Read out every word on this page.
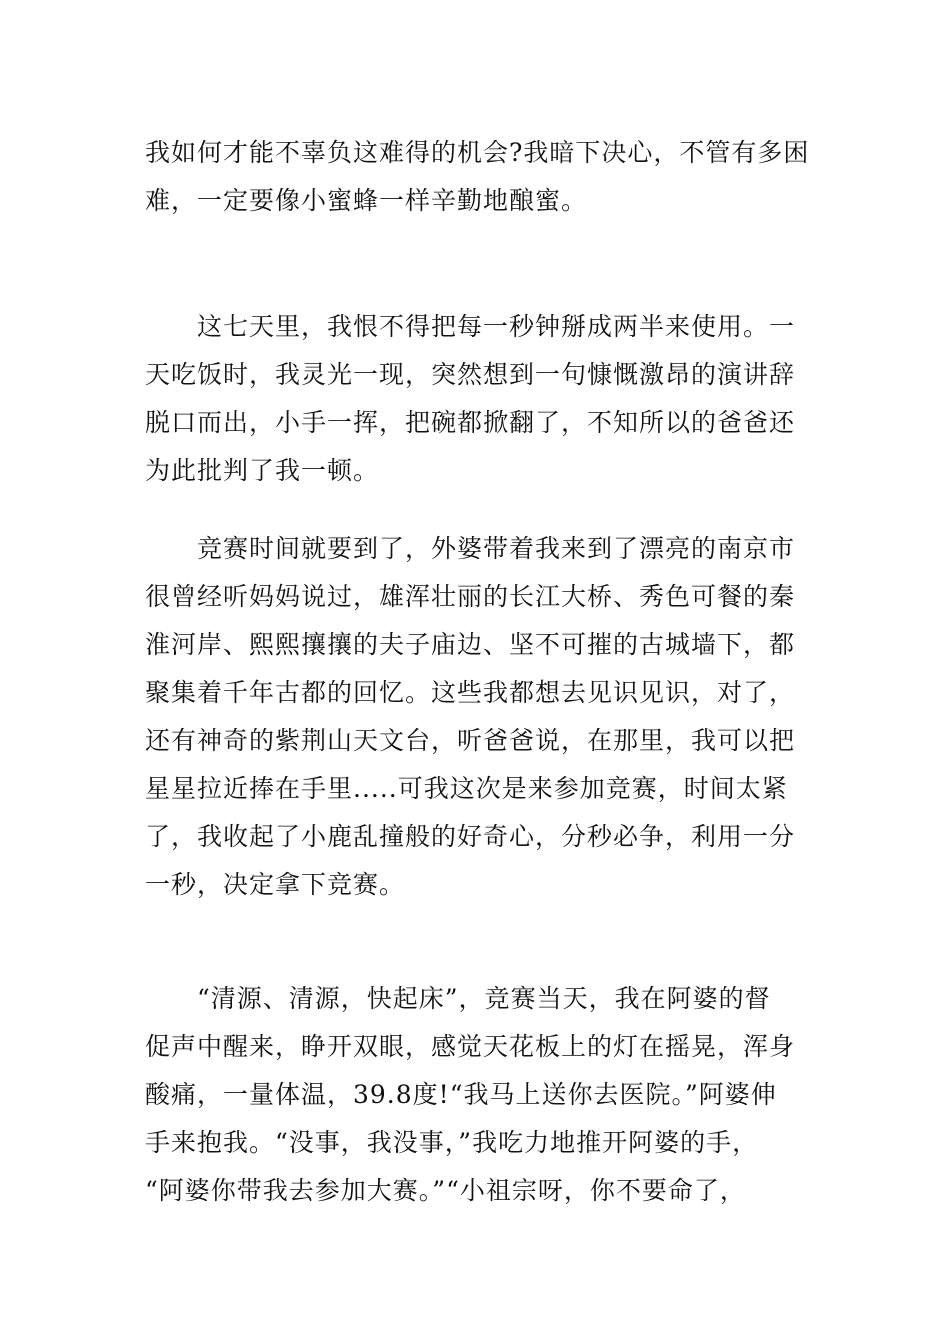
我如何才能不辜负这难得的机会?我暗下决心，不管有多困
难，一定要像小蜜蜂一样辛勤地酿蜜。
这七天里，我恨不得把每一秒钟掰成两半来使用。一
天吃饭时，我灵光一现，突然想到一句慷慨激昂的演讲辞
脱口而出，小手一挥，把碗都掀翻了，不知所以的爸爸还
为此批判了我一顿。
竞赛时间就要到了，外婆带着我来到了漂亮的南京市
很曾经听妈妈说过，雄浑壮丽的长江大桥、秀色可餐的秦
淮河岸、熙熙攘攘的夫子庙边、坚不可摧的古城墙下，都
聚集着千年古都的回忆。这些我都想去见识见识，对了，
还有神奇的紫荆山天文台，听爸爸说，在那里，我可以把
星星拉近捧在手里.....可我这次是来参加竞赛，时间太紧
了，我收起了小鹿乱撞般的好奇心，分秒必争，利用一分
一秒，决定拿下竞赛。
“清源、清源，快起床”，竞赛当天，我在阿婆的督
促声中醒来，睁开双眼，感觉天花板上的灯在摇晃，浑身
酸痛，一量体温，39.8度!“我马上送你去医院。”阿婆伸
手来抱我。“没事，我没事，”我吃力地推开阿婆的手，
“阿婆你带我去参加大赛。”“小祖宗呀，你不要命了，
